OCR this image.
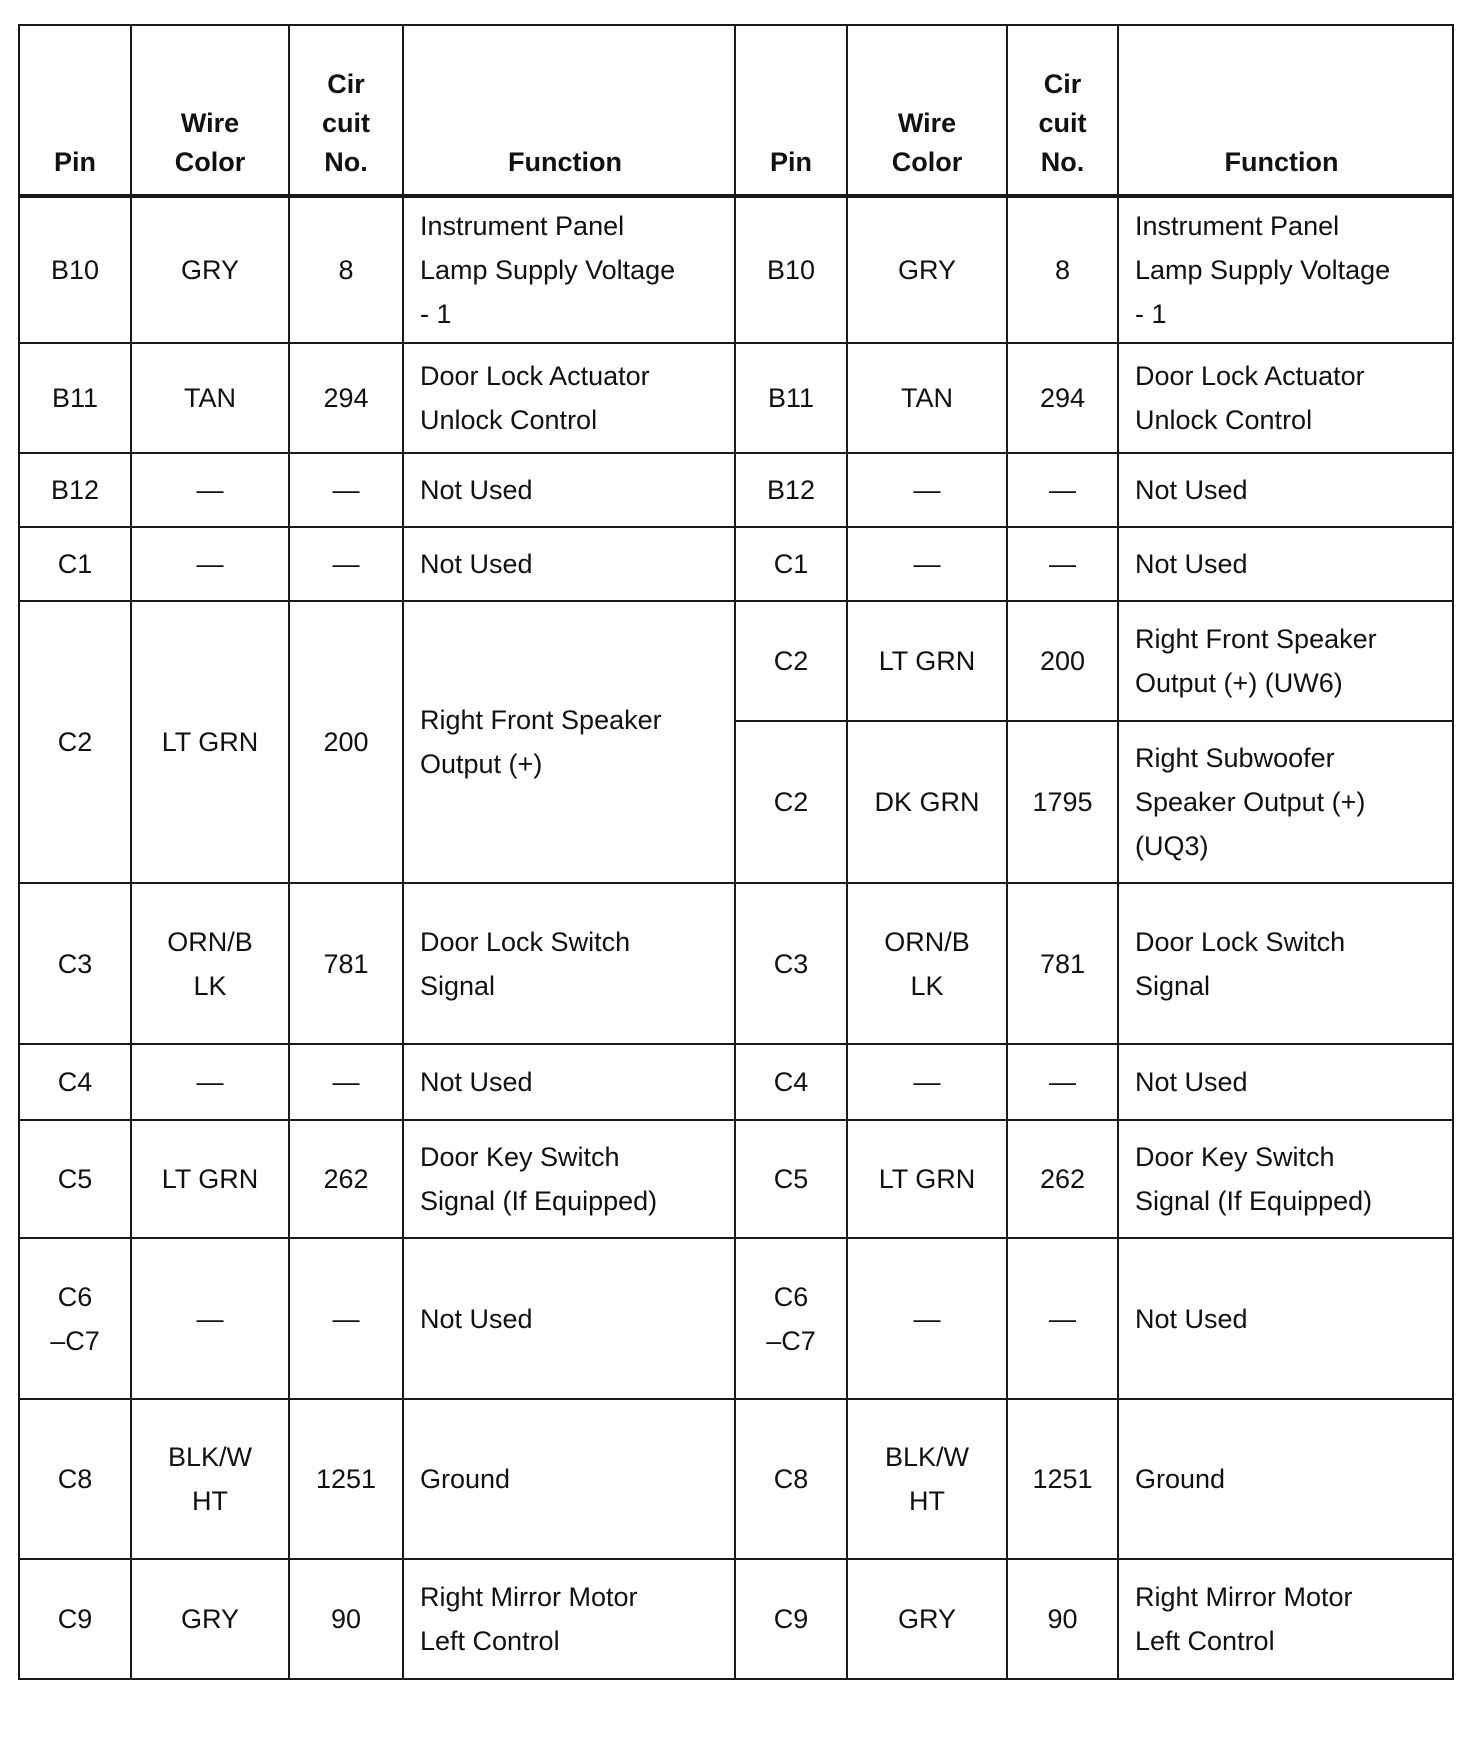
Pin	Wire
Color	Cir
cuit
No.	Function	Pin	Wire
Color	Cir
cuit
No.	Function
B10	GRY	8	Instrument Panel
Lamp Supply Voltage
- 1	B10	GRY	8	Instrument Panel
Lamp Supply Voltage
- 1
B11	TAN	294	Door Lock Actuator
Unlock Control	B11	TAN	294	Door Lock Actuator
Unlock Control
B12	—	—	Not Used	B12	—	—	Not Used
C1	—	—	Not Used	C1	—	—	Not Used
C2	LT GRN	200	Right Front Speaker
Output (+)	C2	LT GRN	200	Right Front Speaker
Output (+) (UW6)
				C2	DK GRN	1795	Right Subwoofer
Speaker Output (+)
(UQ3)
C3	ORN/B
LK	781	Door Lock Switch
Signal	C3	ORN/B
LK	781	Door Lock Switch
Signal
C4	—	—	Not Used	C4	—	—	Not Used
C5	LT GRN	262	Door Key Switch
Signal (If Equipped)	C5	LT GRN	262	Door Key Switch
Signal (If Equipped)
C6
–C7	—	—	Not Used	C6
–C7	—	—	Not Used
C8	BLK/W
HT	1251	Ground	C8	BLK/W
HT	1251	Ground
C9	GRY	90	Right Mirror Motor
Left Control	C9	GRY	90	Right Mirror Motor
Left Control
